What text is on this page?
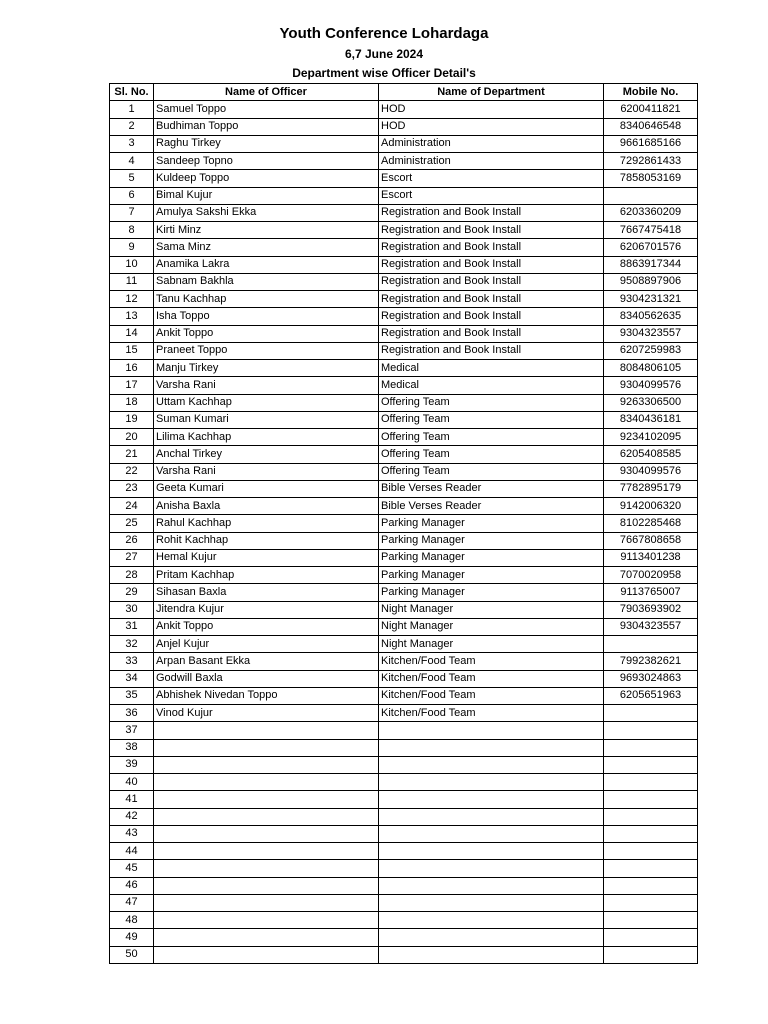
Youth Conference Lohardaga
6,7 June 2024
Department wise Officer Detail's
Sl. No.	Name of Officer	Name of Department	Mobile No.
1	Samuel Toppo	HOD	6200411821
2	Budhiman Toppo	HOD	8340646548
3	Raghu Tirkey	Administration	9661685166
4	Sandeep Topno	Administration	7292861433
5	Kuldeep Toppo	Escort	7858053169
6	Bimal Kujur	Escort	
7	Amulya Sakshi Ekka	Registration and Book Install	6203360209
8	Kirti Minz	Registration and Book Install	7667475418
9	Sama Minz	Registration and Book Install	6206701576
10	Anamika Lakra	Registration and Book Install	8863917344
11	Sabnam Bakhla	Registration and Book Install	9508897906
12	Tanu Kachhap	Registration and Book Install	9304231321
13	Isha Toppo	Registration and Book Install	8340562635
14	Ankit Toppo	Registration and Book Install	9304323557
15	Praneet Toppo	Registration and Book Install	6207259983
16	Manju Tirkey	Medical	8084806105
17	Varsha Rani	Medical	9304099576
18	Uttam Kachhap	Offering Team	9263306500
19	Suman Kumari	Offering Team	8340436181
20	Lilima Kachhap	Offering Team	9234102095
21	Anchal Tirkey	Offering Team	6205408585
22	Varsha Rani	Offering Team	9304099576
23	Geeta Kumari	Bible Verses Reader	7782895179
24	Anisha Baxla	Bible Verses Reader	9142006320
25	Rahul Kachhap	Parking Manager	8102285468
26	Rohit Kachhap	Parking Manager	7667808658
27	Hemal Kujur	Parking Manager	9113401238
28	Pritam Kachhap	Parking Manager	7070020958
29	Sihasan Baxla	Parking Manager	9113765007
30	Jitendra Kujur	Night Manager	7903693902
31	Ankit Toppo	Night Manager	9304323557
32	Anjel Kujur	Night Manager	
33	Arpan Basant Ekka	Kitchen/Food Team	7992382621
34	Godwill Baxla	Kitchen/Food Team	9693024863
35	Abhishek Nivedan Toppo	Kitchen/Food Team	6205651963
36	Vinod Kujur	Kitchen/Food Team	
37			
38			
39			
40			
41			
42			
43			
44			
45			
46			
47			
48			
49			
50			
